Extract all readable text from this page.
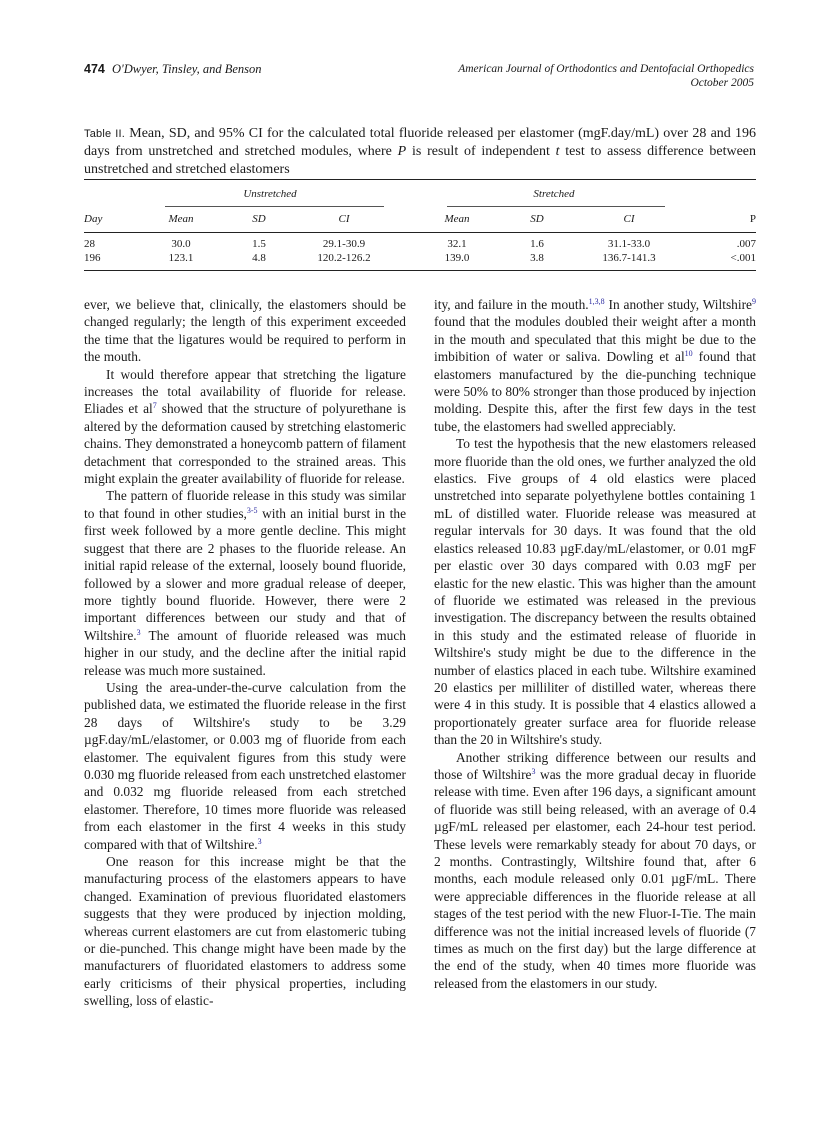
474 O'Dwyer, Tinsley, and Benson	American Journal of Orthodontics and Dentofacial Orthopedics
October 2005
Table II. Mean, SD, and 95% CI for the calculated total fluoride released per elastomer (mgF.day/mL) over 28 and 196 days from unstretched and stretched modules, where P is result of independent t test to assess difference between unstretched and stretched elastomers
Unstretched	Stretched
Day	Mean	SD	CI	Mean	SD	CI	P
28	30.0	1.5	29.1-30.9	32.1	1.6	31.1-33.0	.007
196	123.1	4.8	120.2-126.2	139.0	3.8	136.7-141.3	<.001

ever, we believe that, clinically, the elastomers should be changed regularly; the length of this experiment exceeded the time that the ligatures would be required to perform in the mouth.

It would therefore appear that stretching the ligature increases the total availability of fluoride for release. Eliades et $al^7$ showed that the structure of polyurethane is altered by the deformation caused by stretching elastomeric chains. They demonstrated a honeycomb pattern of filament detachment that corresponded to the strained areas. This might explain the greater availability of fluoride for release.

The pattern of fluoride release in this study was similar to that found in other studies,$^{3-5}$ with an initial burst in the first week followed by a more gentle decline. This might suggest that there are 2 phases to the fluoride release. An initial rapid release of the external, loosely bound fluoride, followed by a slower and more gradual release of deeper, more tightly bound fluoride. However, there were 2 important differences between our study and that of Wiltshire.$^3$ The amount of fluoride released was much higher in our study, and the decline after the initial rapid release was much more sustained.

Using the area-under-the-curve calculation from the published data, we estimated the fluoride release in the first 28 days of Wiltshire's study to be 3.29 µgF.day/mL/elastomer, or 0.003 mg of fluoride from each elastomer. The equivalent figures from this study were 0.030 mg fluoride released from each unstretched elastomer and 0.032 mg fluoride released from each stretched elastomer. Therefore, 10 times more fluoride was released from each elastomer in the first 4 weeks in this study compared with that of Wiltshire.$^3$

One reason for this increase might be that the manufacturing process of the elastomers appears to have changed. Examination of previous fluoridated elastomers suggests that they were produced by injection molding, whereas current elastomers are cut from elastomeric tubing or die-punched. This change might have been made by the manufacturers of fluoridated elastomers to address some early criticisms of their physical properties, including swelling, loss of elastic-

ity, and failure in the mouth.$^{1,3,8}$ In another study, Wiltshire$^9$ found that the modules doubled their weight after a month in the mouth and speculated that this might be due to the imbibition of water or saliva. Dowling et $al^{10}$ found that elastomers manufactured by the die-punching technique were 50% to 80% stronger than those produced by injection molding. Despite this, after the first few days in the test tube, the elastomers had swelled appreciably.

To test the hypothesis that the new elastomers released more fluoride than the old ones, we further analyzed the old elastics. Five groups of 4 old elastics were placed unstretched into separate polyethylene bottles containing 1 mL of distilled water. Fluoride release was measured at regular intervals for 30 days. It was found that the old elastics released 10.83 µgF.day/mL/elastomer, or 0.01 mgF per elastic over 30 days compared with 0.03 mgF per elastic for the new elastic. This was higher than the amount of fluoride we estimated was released in the previous investigation. The discrepancy between the results obtained in this study and the estimated release of fluoride in Wiltshire's study might be due to the difference in the number of elastics placed in each tube. Wiltshire examined 20 elastics per milliliter of distilled water, whereas there were 4 in this study. It is possible that 4 elastics allowed a proportionately greater surface area for fluoride release than the 20 in Wiltshire's study.

Another striking difference between our results and those of Wiltshire$^3$ was the more gradual decay in fluoride release with time. Even after 196 days, a significant amount of fluoride was still being released, with an average of 0.4 µgF/mL released per elastomer, each 24-hour test period. These levels were remarkably steady for about 70 days, or 2 months. Contrastingly, Wiltshire found that, after 6 months, each module released only 0.01 µgF/mL. There were appreciable differences in the fluoride release at all stages of the test period with the new Fluor-I-Tie. The main difference was not the initial increased levels of fluoride (7 times as much on the first day) but the large difference at the end of the study, when 40 times more fluoride was released from the elastomers in our study.
